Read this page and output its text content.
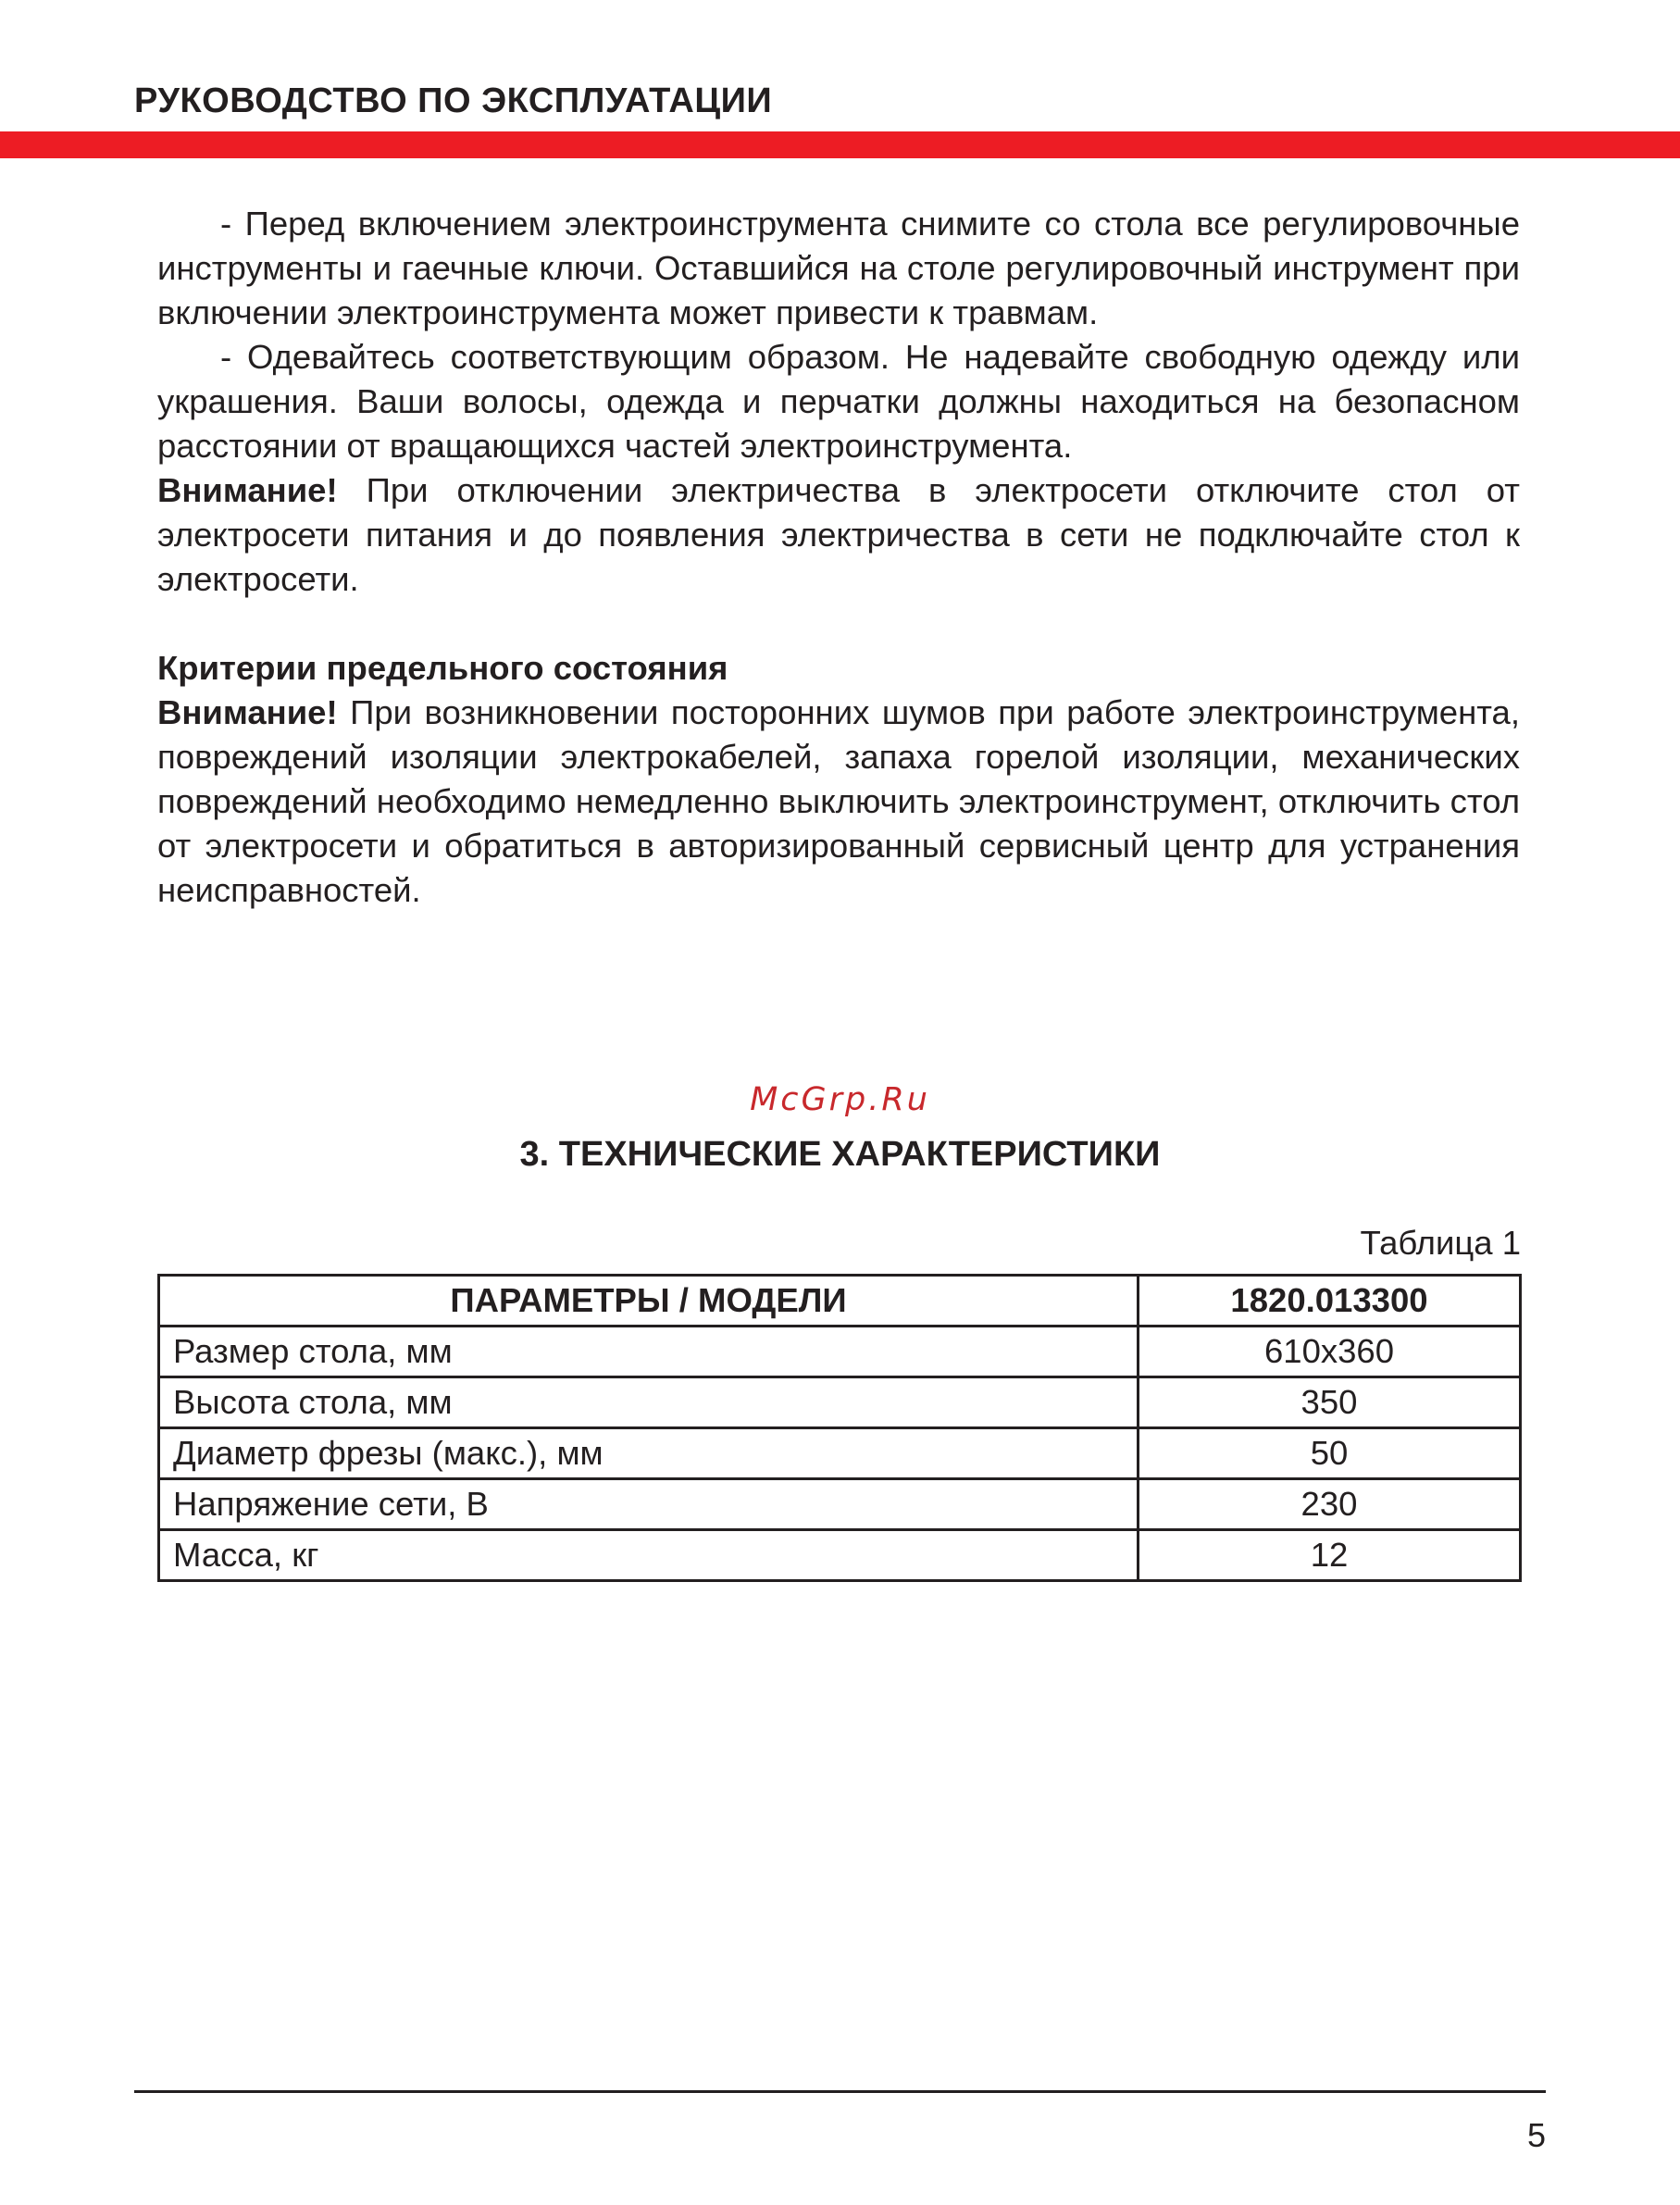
РУКОВОДСТВО ПО ЭКСПЛУАТАЦИИ

- Перед включением электроинструмента снимите со стола все регулировочные инструменты и гаечные ключи. Оставшийся на столе регулировочный инструмент при включении электроинструмента может привести к травмам.

- Одевайтесь соответствующим образом. Не надевайте свободную одежду или украшения. Ваши волосы, одежда и перчатки должны находиться на безопасном расстоянии от вращающихся частей электроинструмента.

Внимание! При отключении электричества в электросети отключите стол от электросети питания и до появления электричества в сети не подключайте стол к электросети.

Критерии предельного состояния

Внимание! При возникновении посторонних шумов при работе электроинструмента, повреждений изоляции электрокабелей, запаха горелой изоляции, механических повреждений необходимо немедленно выключить электроинструмент, отключить стол от электросети и обратиться в авторизированный сервисный центр для устранения неисправностей.

McGrp.Ru
3. ТЕХНИЧЕСКИЕ ХАРАКТЕРИСТИКИ
Таблица 1
ПАРАМЕТРЫ / МОДЕЛИ	1820.013300
Размер стола, мм	610x360
Высота стола, мм	350
Диаметр фрезы (макс.), мм	50
Напряжение сети, В	230
Масса, кг	12
5
